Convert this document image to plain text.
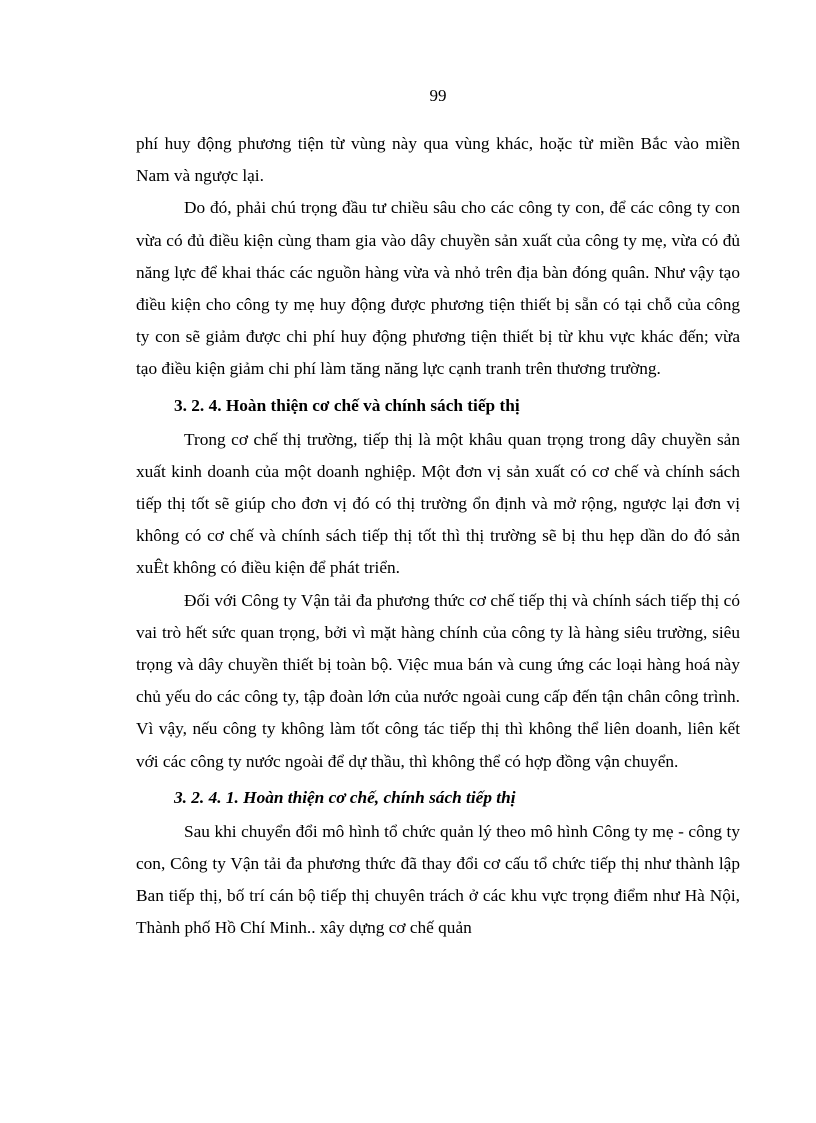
99

phí huy động phương tiện từ vùng này qua vùng khác, hoặc từ miền Bắc vào miền Nam và ngược lại.

Do đó, phải chú trọng đầu tư chiều sâu cho các công ty con, để các công ty con vừa có đủ điều kiện cùng tham gia vào dây chuyền sản xuất của công ty mẹ, vừa có đủ năng lực để khai thác các nguồn hàng vừa và nhỏ trên địa bàn đóng quân. Như vậy tạo điều kiện cho công ty mẹ huy động được phương tiện thiết bị sẵn có tại chỗ của công ty con sẽ giảm được chi phí huy động phương tiện thiết bị từ khu vực khác đến; vừa tạo điều kiện giảm chi phí làm tăng năng lực cạnh tranh trên thương trường.

3. 2. 4. Hoàn thiện cơ chế và chính sách tiếp thị

Trong cơ chế thị trường, tiếp thị là một khâu quan trọng trong dây chuyền sản xuất kinh doanh của một doanh nghiệp. Một đơn vị sản xuất có cơ chế và chính sách tiếp thị tốt sẽ giúp cho đơn vị đó có thị trường ổn định và mở rộng, ngược lại đơn vị không có cơ chế và chính sách tiếp thị tốt thì thị trường sẽ bị thu hẹp dần do đó sản xuÊt không có điều kiện để phát triển.

Đối với Công ty Vận tải đa phương thức cơ chế tiếp thị và chính sách tiếp thị có vai trò hết sức quan trọng, bởi vì mặt hàng chính của công ty là hàng siêu trường, siêu trọng và dây chuyền thiết bị toàn bộ. Việc mua bán và cung ứng các loại hàng hoá này chủ yếu do các công ty, tập đoàn lớn của nước ngoài cung cấp đến tận chân công trình. Vì vậy, nếu công ty không làm tốt công tác tiếp thị thì không thể liên doanh, liên kết với các công ty nước ngoài để dự thầu, thì không thể có hợp đồng vận chuyển.

3. 2. 4. 1. Hoàn thiện cơ chế, chính sách tiếp thị

Sau khi chuyển đổi mô hình tổ chức quản lý theo mô hình Công ty mẹ - công ty con, Công ty Vận tải đa phương thức đã thay đổi cơ cấu tổ chức tiếp thị như thành lập Ban tiếp thị, bố trí cán bộ tiếp thị chuyên trách ở các khu vực trọng điểm như Hà Nội, Thành phố Hồ Chí Minh.. xây dựng cơ chế quản
